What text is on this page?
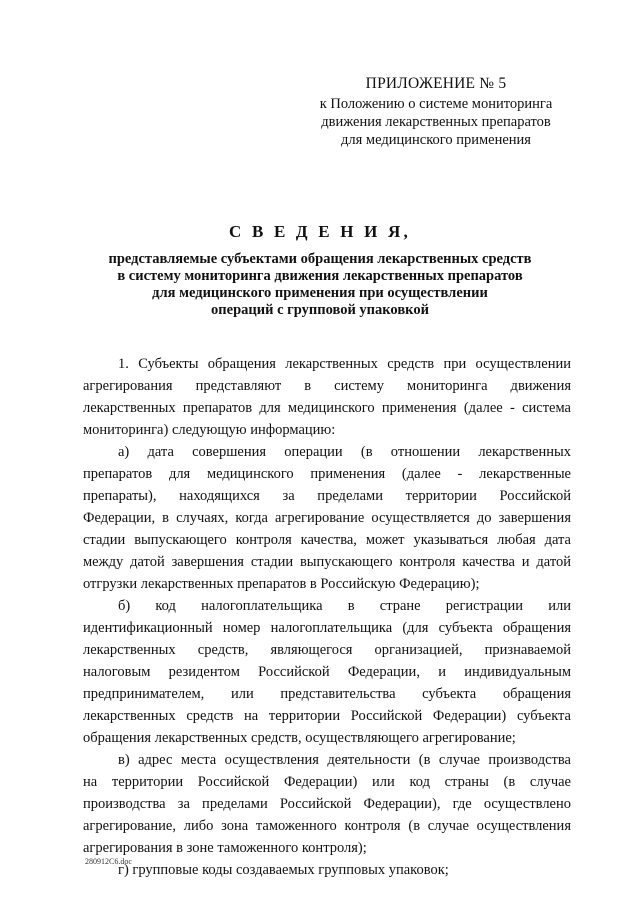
ПРИЛОЖЕНИЕ № 5
к Положению о системе мониторинга
движения лекарственных препаратов
для медицинского применения
С В Е Д Е Н И Я,
представляемые субъектами обращения лекарственных средств
в систему мониторинга движения лекарственных препаратов
для медицинского применения при осуществлении
операций с групповой упаковкой
1. Субъекты обращения лекарственных средств при осуществлении
агрегирования представляют в систему мониторинга движения
лекарственных препаратов для медицинского применения (далее - система
мониторинга) следующую информацию:
а) дата совершения операции (в отношении лекарственных
препаратов для медицинского применения (далее - лекарственные
препараты), находящихся за пределами территории Российской
Федерации, в случаях, когда агрегирование осуществляется до завершения
стадии выпускающего контроля качества, может указываться любая дата
между датой завершения стадии выпускающего контроля качества и датой
отгрузки лекарственных препаратов в Российскую Федерацию);
б) код налогоплательщика в стране регистрации или
идентификационный номер налогоплательщика (для субъекта обращения
лекарственных средств, являющегося организацией, признаваемой
налоговым резидентом Российской Федерации, и индивидуальным
предпринимателем, или представительства субъекта обращения
лекарственных средств на территории Российской Федерации) субъекта
обращения лекарственных средств, осуществляющего агрегирование;
в) адрес места осуществления деятельности (в случае производства
на территории Российской Федерации) или код страны (в случае
производства за пределами Российской Федерации), где осуществлено
агрегирование, либо зона таможенного контроля (в случае осуществления
агрегирования в зоне таможенного контроля);
г) групповые коды создаваемых групповых упаковок;
280912C6.doc
